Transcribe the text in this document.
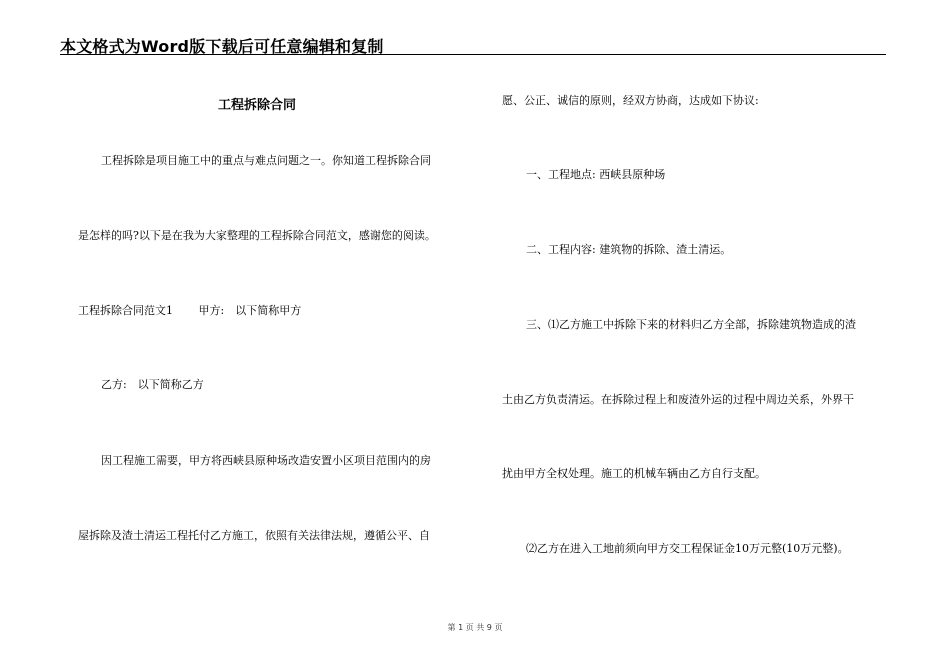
本文格式为Word版下载后可任意编辑和复制
工程拆除合同
工程拆除是项目施工中的重点与难点问题之一。你知道工程拆除合同
是怎样的吗?以下是在我为大家整理的工程拆除合同范文，感谢您的阅读。
工程拆除合同范文1 　　甲方:　以下简称甲方
乙方:　以下简称乙方
因工程施工需要，甲方将西峡县原种场改造安置小区项目范围内的房
屋拆除及渣土清运工程托付乙方施工，依照有关法律法规，遵循公平、自
愿、公正、诚信的原则，经双方协商，达成如下协议:
一、工程地点: 西峡县原种场
二、工程内容: 建筑物的拆除、渣土清运。
三、⑴乙方施工中拆除下来的材料归乙方全部，拆除建筑物造成的渣
土由乙方负责清运。在拆除过程上和废渣外运的过程中周边关系，外界干
扰由甲方全权处理。施工的机械车辆由乙方自行支配。
⑵乙方在进入工地前须向甲方交工程保证金10万元整(10万元整)。
第 1 页 共 9 页
